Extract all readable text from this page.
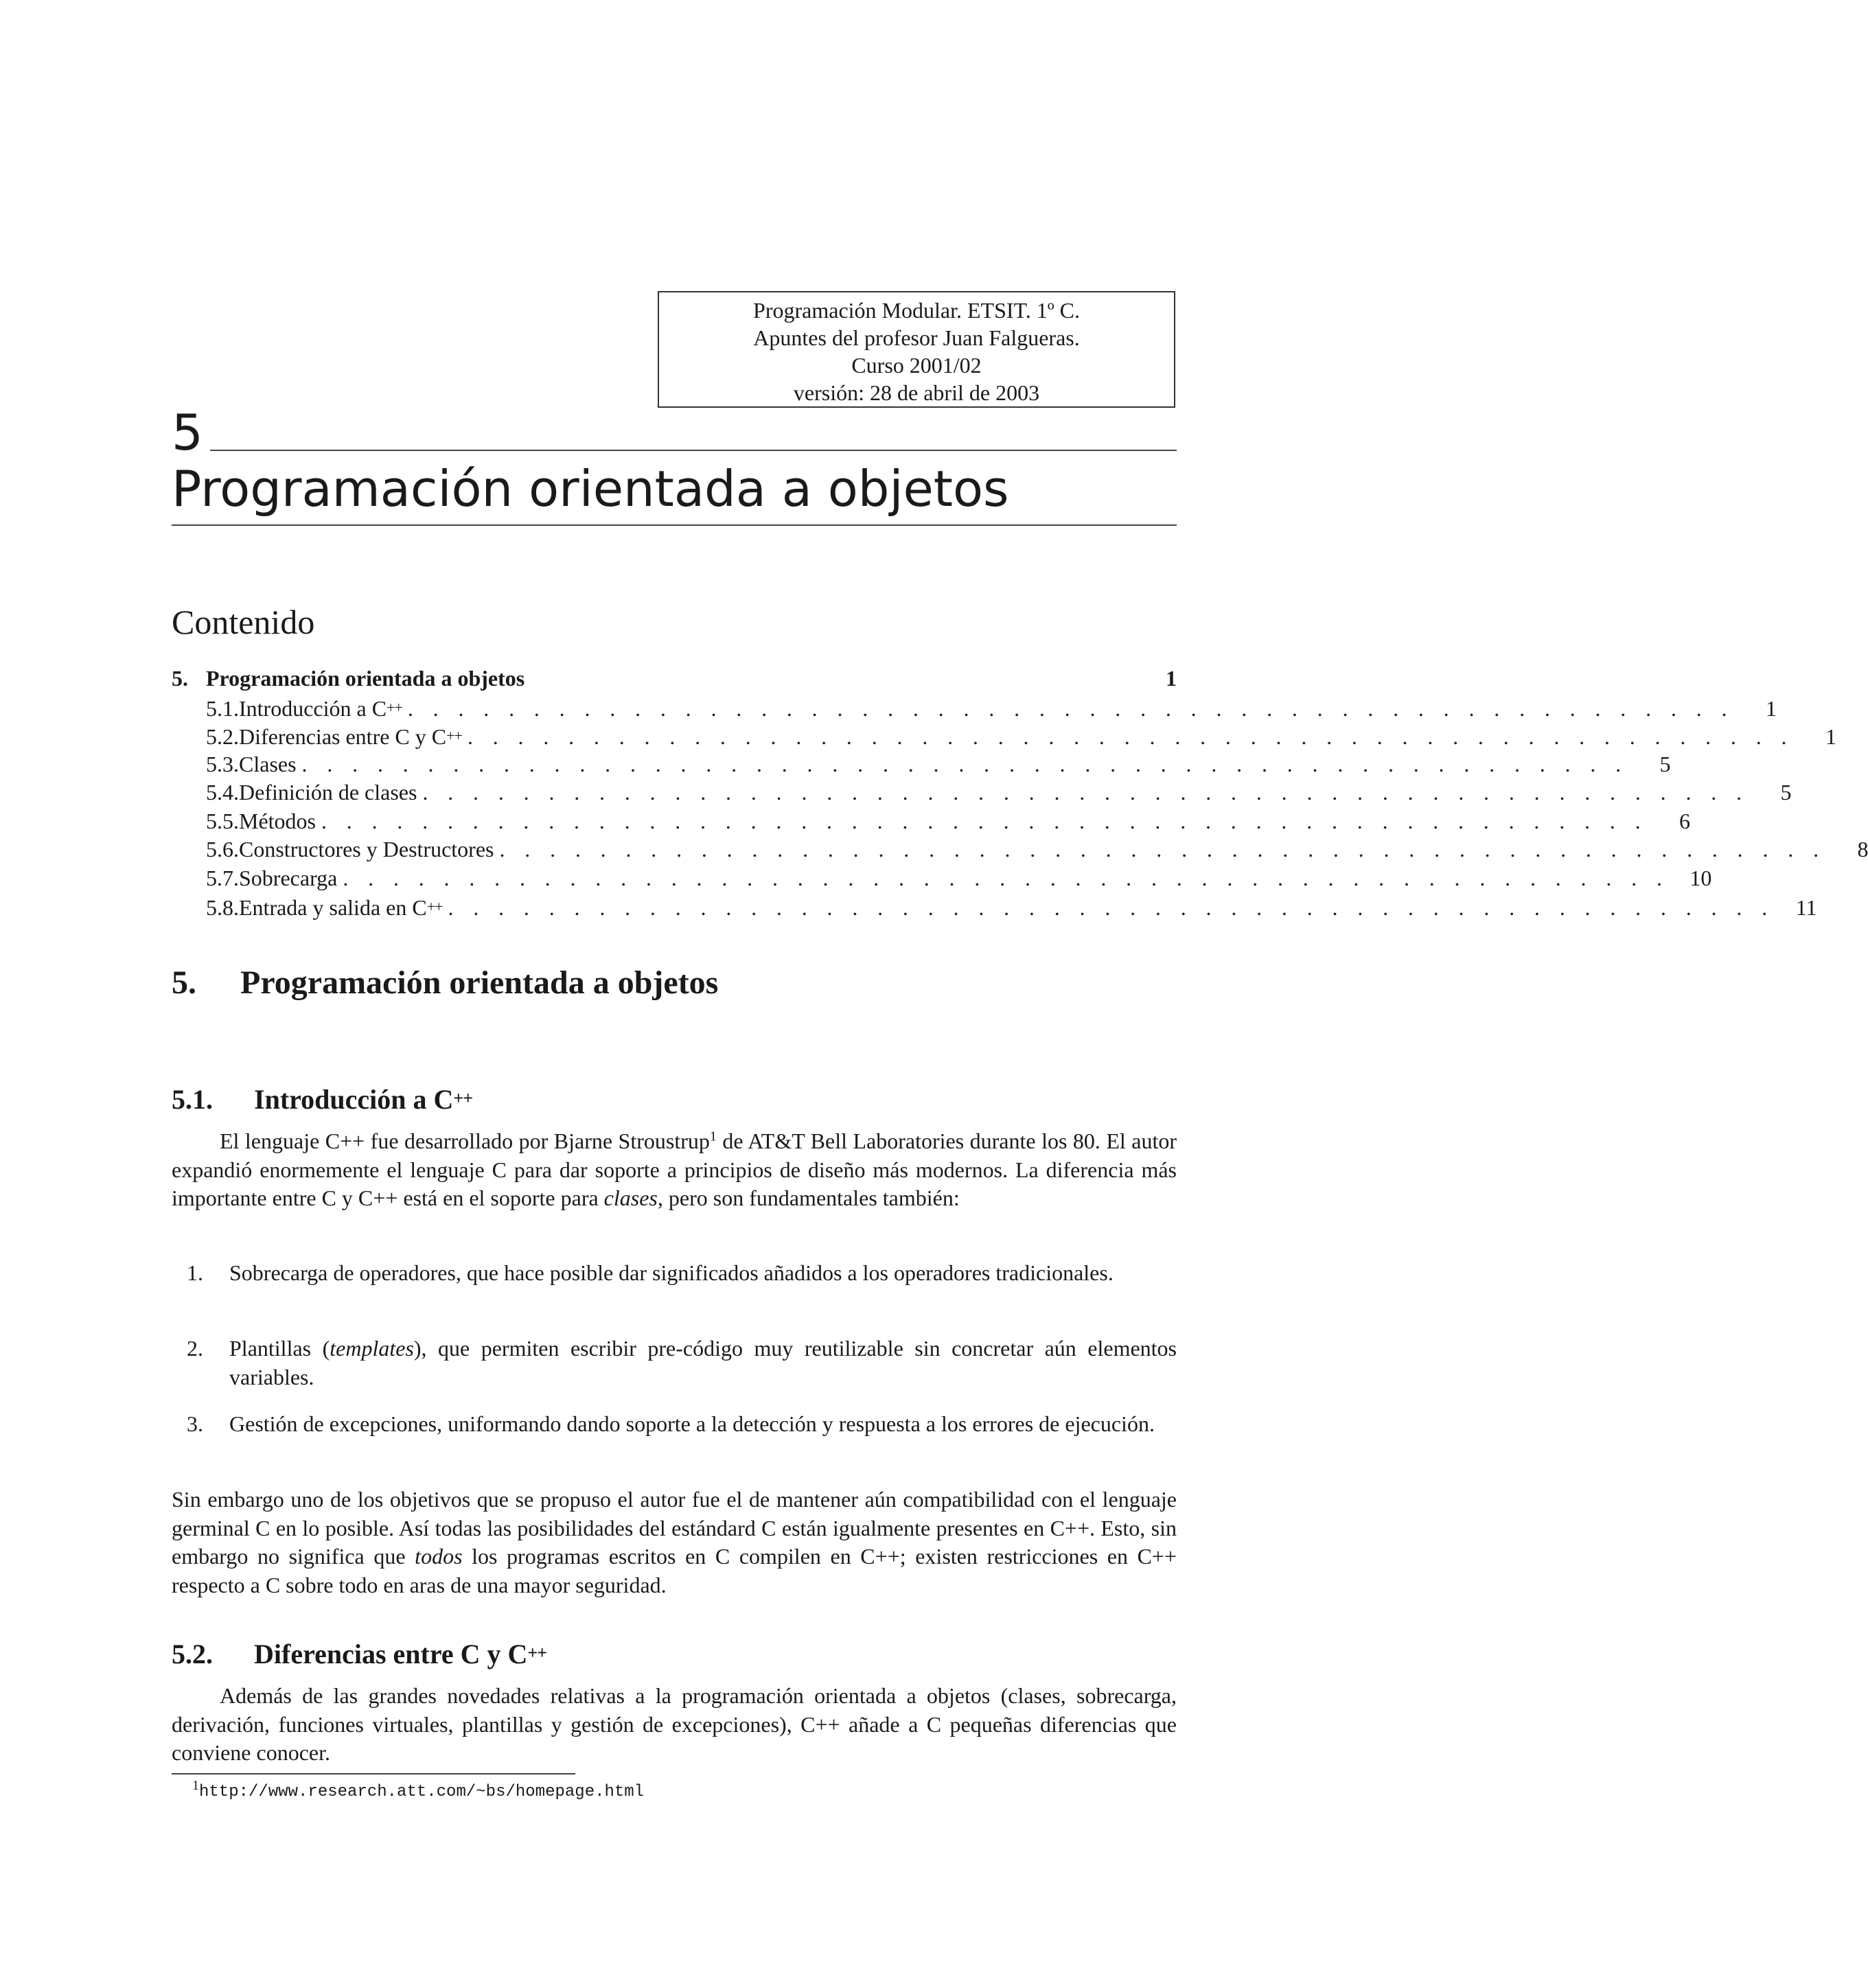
Programación Modular. ETSIT. 1º C.
Apuntes del profesor Juan Falgueras.
Curso 2001/02
versión: 28 de abril de 2003
5
Programación orientada a objetos
Contenido
5. Programación orientada a objetos	1
5.1. Introducción a C++ . . . . . . . . . . . . . . . . . . . . . . . . . . . . . . . . . . . . . . . . . . . . . . . . . . . . .	1
5.2. Diferencias entre C y C++ . . . . . . . . . . . . . . . . . . . . . . . . . . . . . . . . . . . . . . . . . . . . . . . . . . . . .	1
5.3. Clases . . . . . . . . . . . . . . . . . . . . . . . . . . . . . . . . . . . . . . . . . . . . . . . . . . . . .	5
5.4. Definición de clases . . . . . . . . . . . . . . . . . . . . . . . . . . . . . . . . . . . . . . . . . . . . . . . . . . . . .	5
5.5. Métodos . . . . . . . . . . . . . . . . . . . . . . . . . . . . . . . . . . . . . . . . . . . . . . . . . . . . .	6
5.6. Constructores y Destructores . . . . . . . . . . . . . . . . . . . . . . . . . . . . . . . . . . . . . . . . . . . . . . . . . . . . .	8
5.7. Sobrecarga . . . . . . . . . . . . . . . . . . . . . . . . . . . . . . . . . . . . . . . . . . . . . . . . . . . . . 10
5.8. Entrada y salida en C++ . . . . . . . . . . . . . . . . . . . . . . . . . . . . . . . . . . . . . . . . . . . . . . . . . . . . . 11
5. Programación orientada a objetos
5.1. Introducción a C++

El lenguaje C++ fue desarrollado por Bjarne Stroustrup$^1$ de AT&T Bell Laboratories durante los 80. El autor expandió enormemente el lenguaje C para dar soporte a principios de diseño más modernos. La diferencia más importante entre C y C++ está en el soporte para clases, pero son fundamentales también:

1. Sobrecarga de operadores, que hace posible dar significados añadidos a los operadores tradicionales.
2. Plantillas (templates), que permiten escribir pre-código muy reutilizable sin concretar aún elementos variables.
3. Gestión de excepciones, uniformando dando soporte a la detección y respuesta a los errores de ejecución.

Sin embargo uno de los objetivos que se propuso el autor fue el de mantener aún compatibilidad con el lenguaje germinal C en lo posible. Así todas las posibilidades del estándard C están igualmente presentes en C++. Esto, sin embargo no significa que todos los programas escritos en C compilen en C++; existen restricciones en C++ respecto a C sobre todo en aras de una mayor seguridad.

5.2. Diferencias entre C y C++

Además de las grandes novedades relativas a la programación orientada a objetos (clases, sobrecarga, derivación, funciones virtuales, plantillas y gestión de excepciones), C++ añade a C pequeñas diferencias que conviene conocer.

$^1$http://www.research.att.com/~bs/homepage.html
